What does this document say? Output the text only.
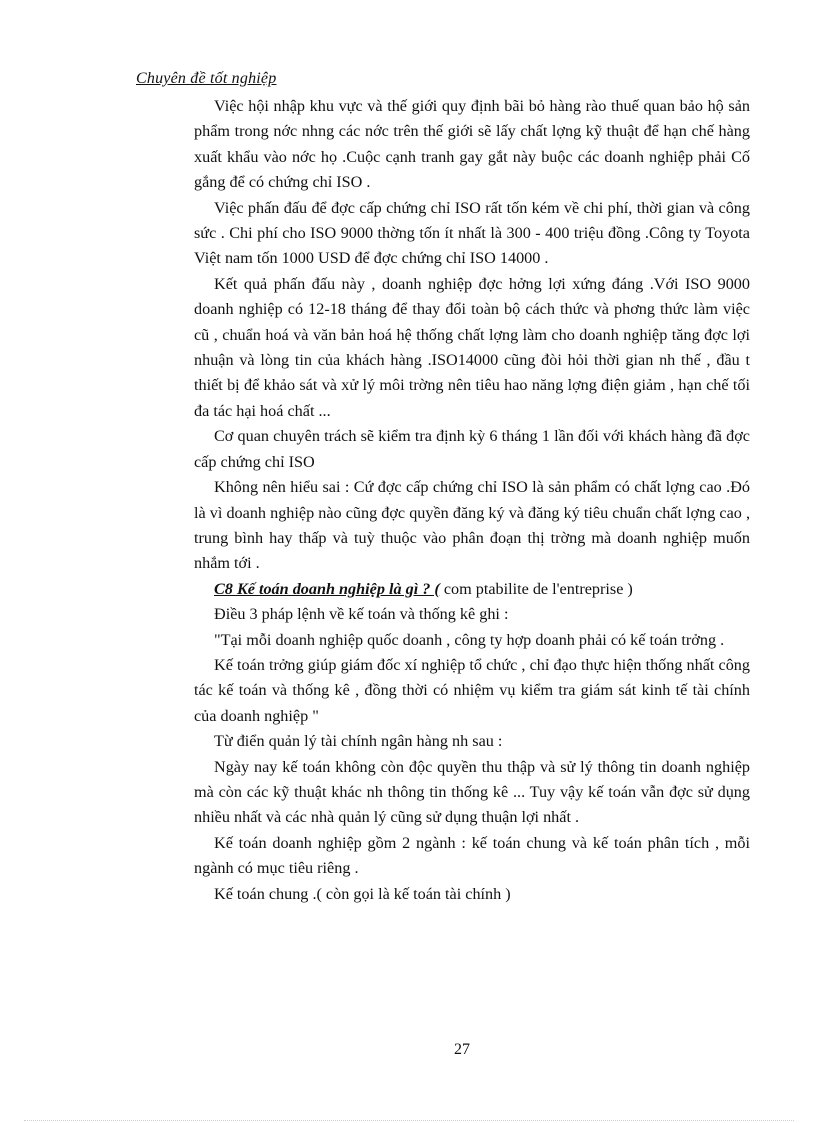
Chuyên đề tốt nghiệp

Việc hội nhập khu vực và thế giới quy định bãi bỏ hàng rào thuế quan bảo hộ sản phẩm trong nớc nhng các nớc trên thế giới sẽ lấy chất lợng kỹ thuật để hạn chế hàng xuất khẩu vào nớc họ .Cuộc cạnh tranh gay gắt này buộc các doanh nghiệp phải Cố gắng để có chứng chỉ ISO .

Việc phấn đấu để đợc cấp chứng chỉ ISO rất tốn kém về chi phí, thời gian và công sức . Chi phí cho ISO 9000 thờng tốn ít nhất là 300 - 400 triệu đồng .Công ty Toyota Việt nam tốn 1000 USD để đợc chứng chỉ ISO 14000 .

Kết quả phấn đấu này , doanh nghiệp đợc hởng lợi xứng đáng .Với ISO 9000 doanh nghiệp có 12-18 tháng để thay đổi toàn bộ cách thức và phơng thức làm việc cũ , chuẩn hoá và văn bản hoá hệ thống chất lợng làm cho doanh nghiệp tăng đợc lợi nhuận và lòng tin của khách hàng .ISO14000 cũng đòi hỏi thời gian nh thế , đầu t thiết bị để khảo sát và xử lý môi trờng nên tiêu hao năng lợng điện giảm , hạn chế tối đa tác hại hoá chất ...

Cơ quan chuyên trách sẽ kiểm tra định kỳ 6 tháng 1 lần đối với khách hàng đã đợc cấp chứng chỉ ISO

Không nên hiểu sai : Cứ đợc cấp chứng chỉ ISO là sản phẩm có chất lợng cao .Đó là vì doanh nghiệp nào cũng đợc quyền đăng ký và đăng ký tiêu chuẩn chất lợng cao , trung bình hay thấp và tuỳ thuộc vào phân đoạn thị trờng mà doanh nghiệp muốn nhắm tới .

C8 Kế toán doanh nghiệp là gì ? ( com ptabilite de l'entreprise )

Điều 3 pháp lệnh về kế toán và thống kê ghi :

"Tại mỗi doanh nghiệp quốc doanh , công ty hợp doanh phải có kế toán trởng .

Kế toán trởng giúp giám đốc xí nghiệp tổ chức , chỉ đạo thực hiện thống nhất công tác kế toán và thống kê , đồng thời có nhiệm vụ kiểm tra giám sát kinh tế tài chính của doanh nghiệp "

Từ điển quản lý tài chính ngân hàng nh sau :

Ngày nay kế toán không còn độc quyền thu thập và sử lý thông tin doanh nghiệp mà còn các kỹ thuật khác nh thông tin thống kê ... Tuy vậy kế toán vẫn đợc sử dụng nhiều nhất và các nhà quản lý cũng sử dụng thuận lợi nhất .

Kế toán doanh nghiệp gồm 2 ngành : kế toán chung và kế toán phân tích , mỗi ngành có mục tiêu riêng .

Kế toán chung .( còn gọi là kế toán tài chính )

27
